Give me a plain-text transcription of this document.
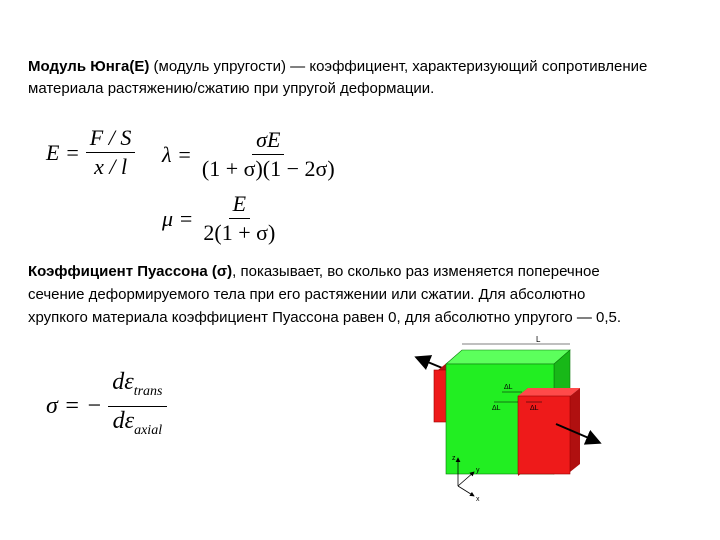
Модуль Юнга(E) (модуль упругости) — коэффициент, характеризующий сопротивление материала растяжению/сжатию при упругой деформации.
$E = \frac{F / S}{x / l}$ $\lambda = \frac{\sigma E}{(1 + \sigma)(1 - 2\sigma)}$
$\mu = \frac{E}{2(1 + \sigma)}$
Коэффициент Пуассона (σ), показывает, во сколько раз изменяется поперечное сечение деформируемого тела при его растяжении или сжатии. Для абсолютно хрупкого материала коэффициент Пуассона равен 0, для абсолютно упругого — 0,5.
σ = − $\frac{d\varepsilon_{trans}}{d\varepsilon_{axial}}$
L
ΔL
ΔL	ΔL
z
y
x
